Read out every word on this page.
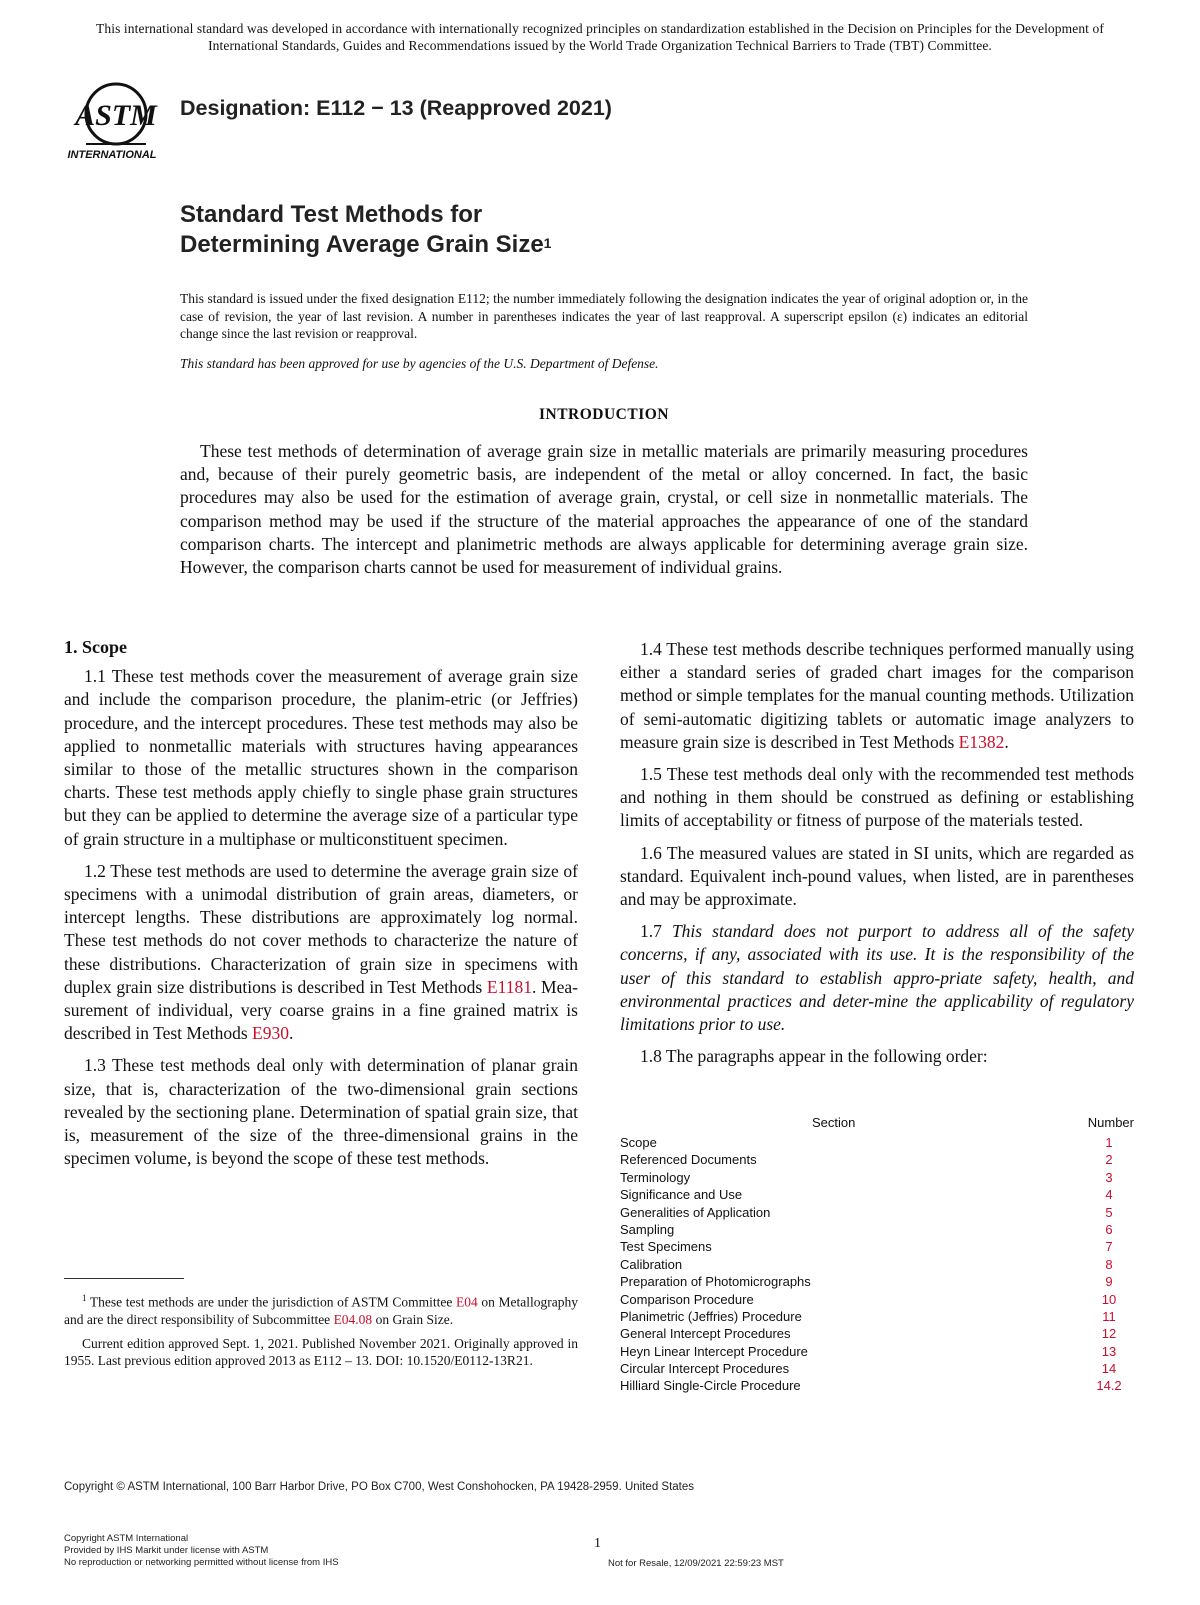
This international standard was developed in accordance with internationally recognized principles on standardization established in the Decision on Principles for the Development of International Standards, Guides and Recommendations issued by the World Trade Organization Technical Barriers to Trade (TBT) Committee.
ASTM
INTERNATIONAL
Designation: E112 − 13 (Reapproved 2021)
Standard Test Methods for
Determining Average Grain Size$^1$
This standard is issued under the fixed designation E112; the number immediately following the designation indicates the year of original adoption or, in the case of revision, the year of last revision. A number in parentheses indicates the year of last reapproval. A superscript epsilon (ε) indicates an editorial change since the last revision or reapproval.
This standard has been approved for use by agencies of the U.S. Department of Defense.
INTRODUCTION
These test methods of determination of average grain size in metallic materials are primarily measuring procedures and, because of their purely geometric basis, are independent of the metal or alloy concerned. In fact, the basic procedures may also be used for the estimation of average grain, crystal, or cell size in nonmetallic materials. The comparison method may be used if the structure of the material approaches the appearance of one of the standard comparison charts. The intercept and planimetric methods are always applicable for determining average grain size. However, the comparison charts cannot be used for measurement of individual grains.
1. Scope

1.1 These test methods cover the measurement of average grain size and include the comparison procedure, the planim-etric (or Jeffries) procedure, and the intercept procedures. These test methods may also be applied to nonmetallic materials with structures having appearances similar to those of the metallic structures shown in the comparison charts. These test methods apply chiefly to single phase grain structures but they can be applied to determine the average size of a particular type of grain structure in a multiphase or multiconstituent specimen.

1.2 These test methods are used to determine the average grain size of specimens with a unimodal distribution of grain areas, diameters, or intercept lengths. These distributions are approximately log normal. These test methods do not cover methods to characterize the nature of these distributions. Characterization of grain size in specimens with duplex grain size distributions is described in Test Methods E1181. Mea-surement of individual, very coarse grains in a fine grained matrix is described in Test Methods E930.

1.3 These test methods deal only with determination of planar grain size, that is, characterization of the two-dimensional grain sections revealed by the sectioning plane. Determination of spatial grain size, that is, measurement of the size of the three-dimensional grains in the specimen volume, is beyond the scope of these test methods.

$^1$ These test methods are under the jurisdiction of ASTM Committee E04 on Metallography and are the direct responsibility of Subcommittee E04.08 on Grain Size.

Current edition approved Sept. 1, 2021. Published November 2021. Originally approved in 1955. Last previous edition approved 2013 as E112 – 13. DOI: 10.1520/E0112-13R21.

1.4 These test methods describe techniques performed manually using either a standard series of graded chart images for the comparison method or simple templates for the manual counting methods. Utilization of semi-automatic digitizing tablets or automatic image analyzers to measure grain size is described in Test Methods E1382.

1.5 These test methods deal only with the recommended test methods and nothing in them should be construed as defining or establishing limits of acceptability or fitness of purpose of the materials tested.

1.6 The measured values are stated in SI units, which are regarded as standard. Equivalent inch-pound values, when listed, are in parentheses and may be approximate.

1.7 This standard does not purport to address all of the safety concerns, if any, associated with its use. It is the responsibility of the user of this standard to establish appro-priate safety, health, and environmental practices and deter-mine the applicability of regulatory limitations prior to use.

1.8 The paragraphs appear in the following order:

Section	Number
Scope	1
Referenced Documents	2
Terminology	3
Significance and Use	4
Generalities of Application	5
Sampling	6
Test Specimens	7
Calibration	8
Preparation of Photomicrographs	9
Comparison Procedure	10
Planimetric (Jeffries) Procedure	11
General Intercept Procedures	12
Heyn Linear Intercept Procedure	13
Circular Intercept Procedures	14
Hilliard Single-Circle Procedure	14.2
Copyright © ASTM International, 100 Barr Harbor Drive, PO Box C700, West Conshohocken, PA 19428-2959. United States
Copyright ASTM International
Provided by IHS Markit under license with ASTM
No reproduction or networking permitted without license from IHS
1
Not for Resale, 12/09/2021 22:59:23 MST
